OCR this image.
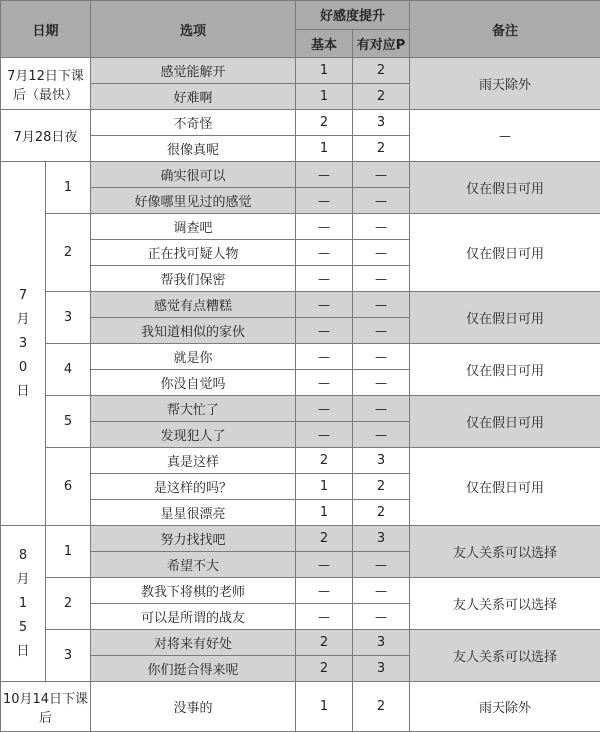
日期		选项	好感度提升		备注
			基本	有对应P	
7月12日下课后（最快）		感觉能解开	1	2	雨天除外
		好难啊	1	2	
7月28日夜		不奇怪	2	3	—
		很像真呢	1	2	

7月30日	1	确实很可以	—	—	仅在假日可用
		好像哪里见过的感觉	—	—	
	2	调查吧	—	—	仅在假日可用
		正在找可疑人物	—	—	
		帮我们保密	—	—	
	3	感觉有点糟糕	—	—	仅在假日可用
		我知道相似的家伙	—	—	
	4	就是你	—	—	仅在假日可用
		你没自觉吗	—	—	
	5	帮大忙了	—	—	仅在假日可用
		发现犯人了	—	—	
	6	真是这样	2	3	仅在假日可用
		是这样的吗？	1	2	
		星星很漂亮	1	2	

8月15日	1	努力找找吧	2	3	友人关系可以选择
		希望不大	—	—	
	2	教我下将棋的老师	—	—	友人关系可以选择
		可以是所谓的战友	—	—	
	3	对将来有好处	2	3	友人关系可以选择
		你们挺合得来呢	2	3	
10月14日下课后		没事的	1	2	雨天除外
